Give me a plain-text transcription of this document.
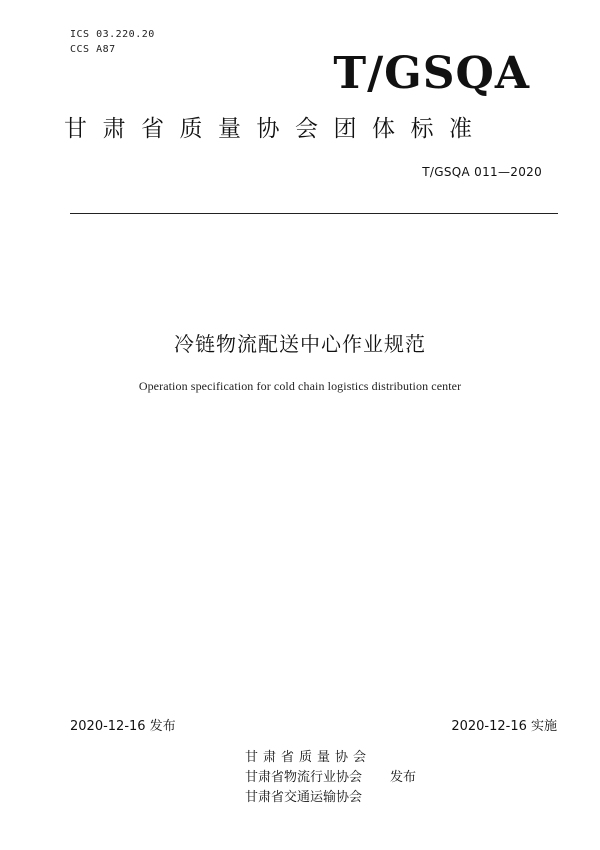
ICS 03.220.20
CCS A87	T/GSQA
甘肃省质量协会团体标准
T/GSQA 011—2020
冷链物流配送中心作业规范
Operation specification for cold chain logistics distribution center
2020-12-16 发布	2020-12-16 实施
甘肃省质量协会
甘肃省物流行业协会
甘肃省交通运输协会
发布
